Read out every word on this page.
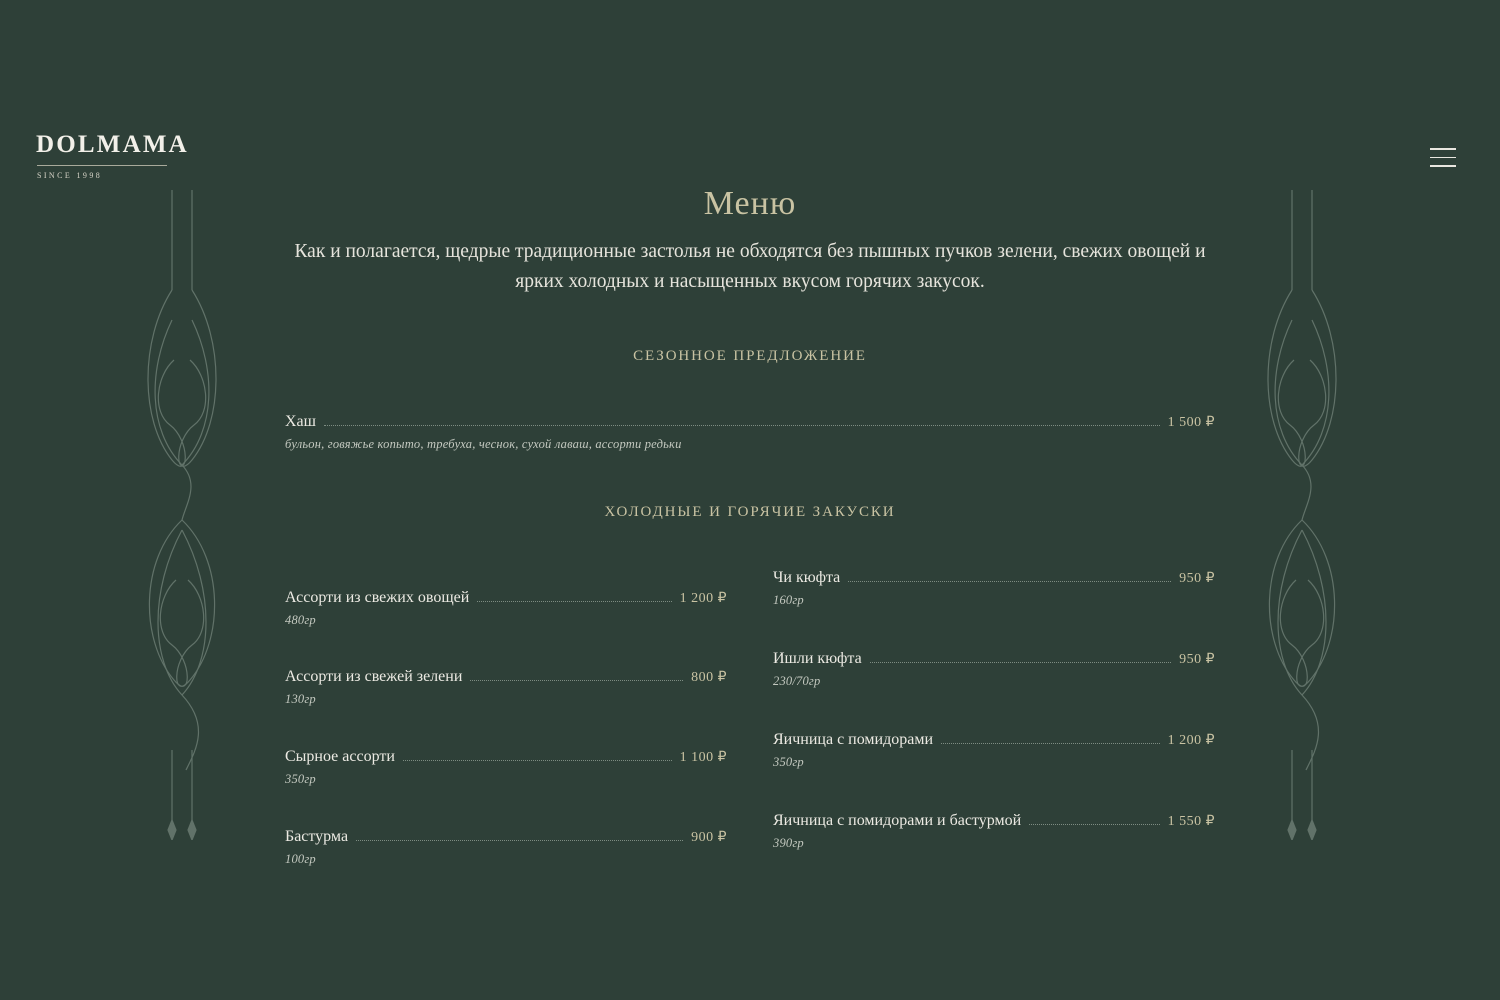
DOLMAMA
SINCE 1998
Меню

Как и полагается, щедрые традиционные застолья не обходятся без пышных пучков зелени, свежих овощей и ярких холодных и насыщенных вкусом горячих закусок.

СЕЗОННОЕ ПРЕДЛОЖЕНИЕ
Хаш	1 500 ₽
бульон, говяжье копыто, требуха, чеснок, сухой лаваш, ассорти редьки
ХОЛОДНЫЕ И ГОРЯЧИЕ ЗАКУСКИ
Ассорти из свежих овощей	1 200 ₽
480гр
Ассорти из свежей зелени	800 ₽
130гр
Сырное ассорти	1 100 ₽
350гр
Бастурма	900 ₽
100гр
Чи кюфта	950 ₽
160гр
Ишли кюфта	950 ₽
230/70гр
Яичница с помидорами	1 200 ₽
350гр
Яичница с помидорами и бастурмой	1 550 ₽
390гр
